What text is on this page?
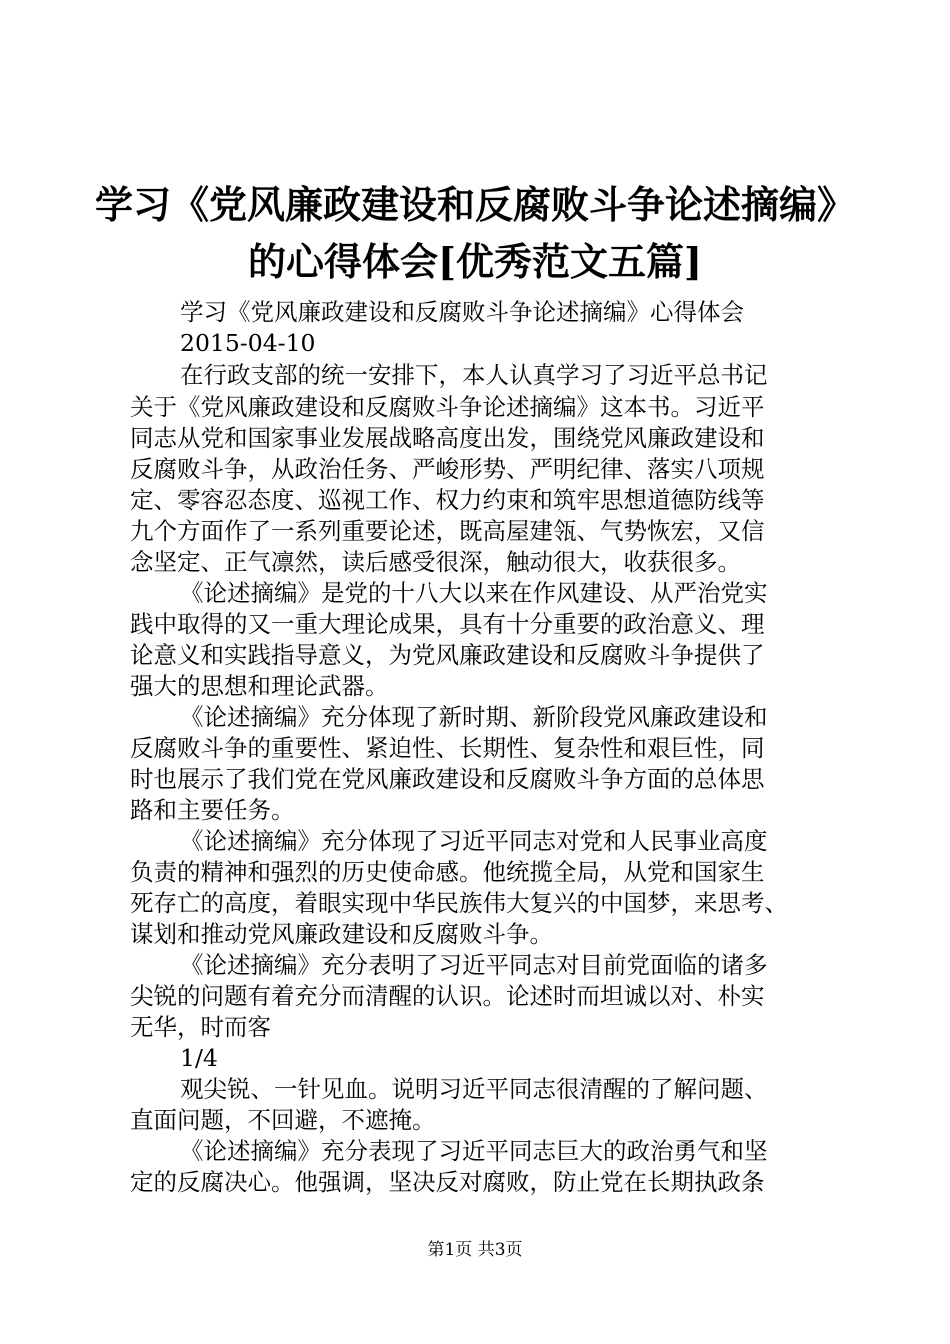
学习《党风廉政建设和反腐败斗争论述摘编》
的心得体会[优秀范文五篇]
学习《党风廉政建设和反腐败斗争论述摘编》心得体会
2015-04-10
在行政支部的统一安排下，本人认真学习了习近平总书记
关于《党风廉政建设和反腐败斗争论述摘编》这本书。习近平
同志从党和国家事业发展战略高度出发，围绕党风廉政建设和
反腐败斗争，从政治任务、严峻形势、严明纪律、落实八项规
定、零容忍态度、巡视工作、权力约束和筑牢思想道德防线等
九个方面作了一系列重要论述，既高屋建瓴、气势恢宏，又信
念坚定、正气凛然，读后感受很深，触动很大，收获很多。
《论述摘编》是党的十八大以来在作风建设、从严治党实
践中取得的又一重大理论成果，具有十分重要的政治意义、理
论意义和实践指导意义，为党风廉政建设和反腐败斗争提供了
强大的思想和理论武器。
《论述摘编》充分体现了新时期、新阶段党风廉政建设和
反腐败斗争的重要性、紧迫性、长期性、复杂性和艰巨性，同
时也展示了我们党在党风廉政建设和反腐败斗争方面的总体思
路和主要任务。
《论述摘编》充分体现了习近平同志对党和人民事业高度
负责的精神和强烈的历史使命感。他统揽全局，从党和国家生
死存亡的高度，着眼实现中华民族伟大复兴的中国梦，来思考、
谋划和推动党风廉政建设和反腐败斗争。
《论述摘编》充分表明了习近平同志对目前党面临的诸多
尖锐的问题有着充分而清醒的认识。论述时而坦诚以对、朴实
无华，时而客
1/4
观尖锐、一针见血。说明习近平同志很清醒的了解问题、
直面问题，不回避，不遮掩。
《论述摘编》充分表现了习近平同志巨大的政治勇气和坚
定的反腐决心。他强调，坚决反对腐败，防止党在长期执政条
第1页 共3页
